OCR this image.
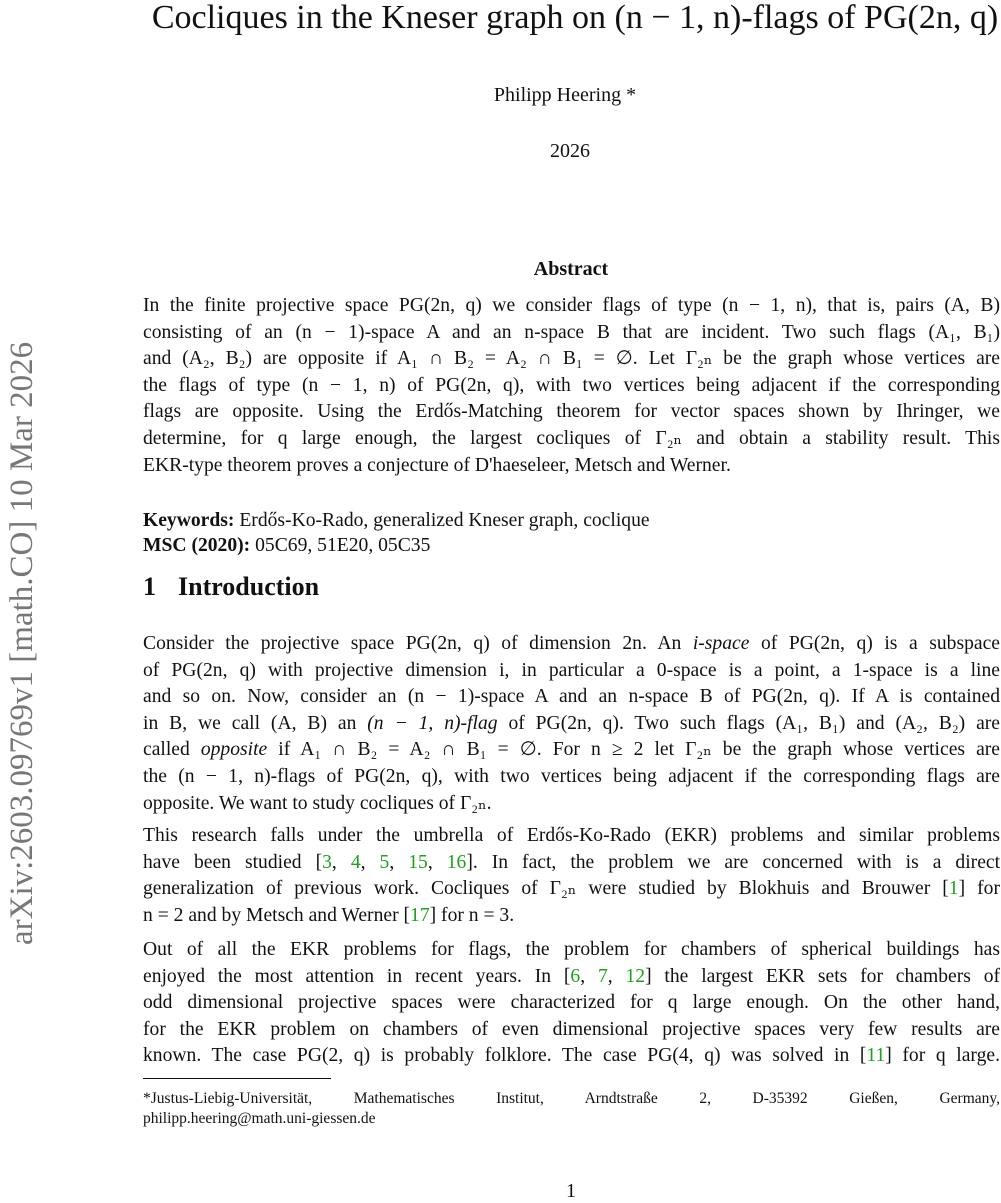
arXiv:2603.09769v1 [math.CO] 10 Mar 2026
Cocliques in the Kneser graph on (n − 1, n)-flags of PG(2n, q)
Philipp Heering *
2026
Abstract
In the finite projective space PG(2n, q) we consider flags of type (n − 1, n), that is, pairs (A, B)
consisting of an (n − 1)-space A and an n-space B that are incident. Two such flags (A₁, B₁)
and (A₂, B₂) are opposite if A₁ ∩ B₂ = A₂ ∩ B₁ = ∅. Let Γ₂ₙ be the graph whose vertices are
the flags of type (n − 1, n) of PG(2n, q), with two vertices being adjacent if the corresponding
flags are opposite. Using the Erdős-Matching theorem for vector spaces shown by Ihringer, we
determine, for q large enough, the largest cocliques of Γ₂ₙ and obtain a stability result. This
EKR-type theorem proves a conjecture of D'haeseleer, Metsch and Werner.
Keywords: Erdős-Ko-Rado, generalized Kneser graph, coclique
MSC (2020): 05C69, 51E20, 05C35
1 Introduction
Consider the projective space PG(2n, q) of dimension 2n. An i-space of PG(2n, q) is a subspace
of PG(2n, q) with projective dimension i, in particular a 0-space is a point, a 1-space is a line
and so on. Now, consider an (n − 1)-space A and an n-space B of PG(2n, q). If A is contained
in B, we call (A, B) an (n − 1, n)-flag of PG(2n, q). Two such flags (A₁, B₁) and (A₂, B₂) are
called opposite if A₁ ∩ B₂ = A₂ ∩ B₁ = ∅. For n ≥ 2 let Γ₂ₙ be the graph whose vertices are
the (n − 1, n)-flags of PG(2n, q), with two vertices being adjacent if the corresponding flags are
opposite. We want to study cocliques of Γ₂ₙ.
This research falls under the umbrella of Erdős-Ko-Rado (EKR) problems and similar problems
have been studied [3, 4, 5, 15, 16]. In fact, the problem we are concerned with is a direct
generalization of previous work. Cocliques of Γ₂ₙ were studied by Blokhuis and Brouwer [1] for
n = 2 and by Metsch and Werner [17] for n = 3.
Out of all the EKR problems for flags, the problem for chambers of spherical buildings has
enjoyed the most attention in recent years. In [6, 7, 12] the largest EKR sets for chambers of
odd dimensional projective spaces were characterized for q large enough. On the other hand,
for the EKR problem on chambers of even dimensional projective spaces very few results are
known. The case PG(2, q) is probably folklore. The case PG(4, q) was solved in [11] for q large.
*Justus-Liebig-Universität, Mathematisches Institut, Arndtstraße 2, D-35392 Gießen, Germany,
philipp.heering@math.uni-giessen.de
1
